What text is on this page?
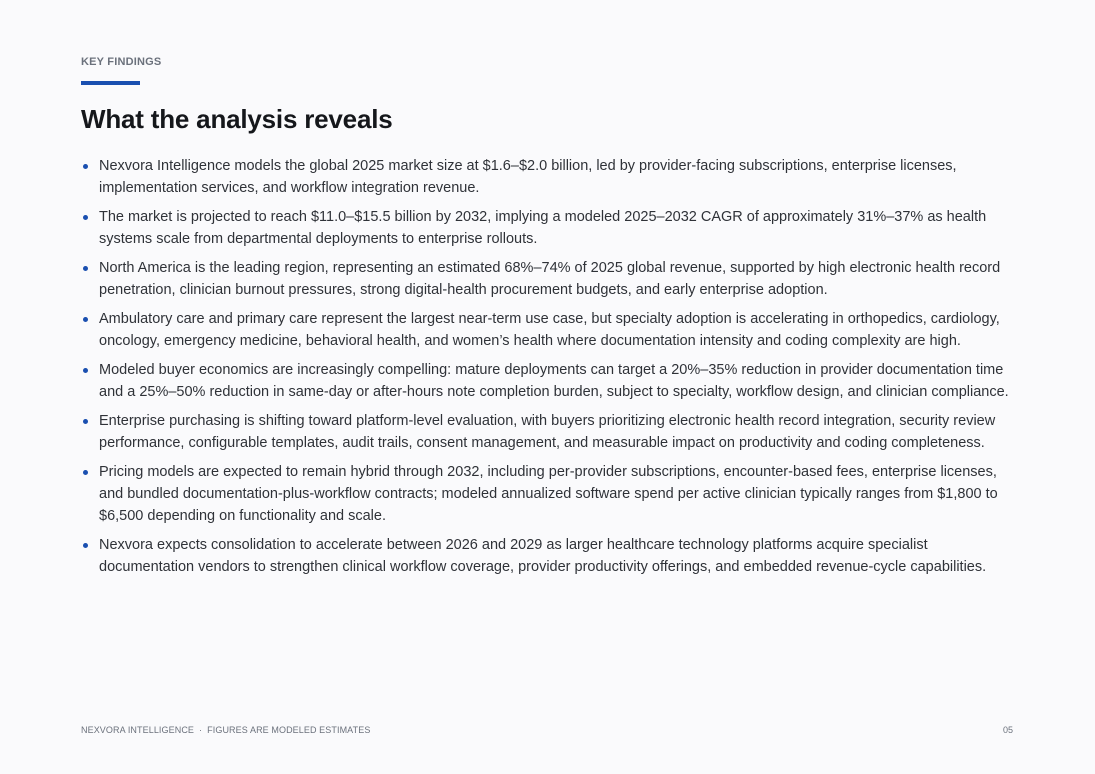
KEY FINDINGS
What the analysis reveals
Nexvora Intelligence models the global 2025 market size at $1.6–$2.0 billion, led by provider-facing subscriptions, enterprise licenses, implementation services, and workflow integration revenue.
The market is projected to reach $11.0–$15.5 billion by 2032, implying a modeled 2025–2032 CAGR of approximately 31%–37% as health systems scale from departmental deployments to enterprise rollouts.
North America is the leading region, representing an estimated 68%–74% of 2025 global revenue, supported by high electronic health record penetration, clinician burnout pressures, strong digital-health procurement budgets, and early enterprise adoption.
Ambulatory care and primary care represent the largest near-term use case, but specialty adoption is accelerating in orthopedics, cardiology, oncology, emergency medicine, behavioral health, and women’s health where documentation intensity and coding complexity are high.
Modeled buyer economics are increasingly compelling: mature deployments can target a 20%–35% reduction in provider documentation time and a 25%–50% reduction in same-day or after-hours note completion burden, subject to specialty, workflow design, and clinician compliance.
Enterprise purchasing is shifting toward platform-level evaluation, with buyers prioritizing electronic health record integration, security review performance, configurable templates, audit trails, consent management, and measurable impact on productivity and coding completeness.
Pricing models are expected to remain hybrid through 2032, including per-provider subscriptions, encounter-based fees, enterprise licenses, and bundled documentation-plus-workflow contracts; modeled annualized software spend per active clinician typically ranges from $1,800 to $6,500 depending on functionality and scale.
Nexvora expects consolidation to accelerate between 2026 and 2029 as larger healthcare technology platforms acquire specialist documentation vendors to strengthen clinical workflow coverage, provider productivity offerings, and embedded revenue-cycle capabilities.
NEXVORA INTELLIGENCE · FIGURES ARE MODELED ESTIMATES	05
